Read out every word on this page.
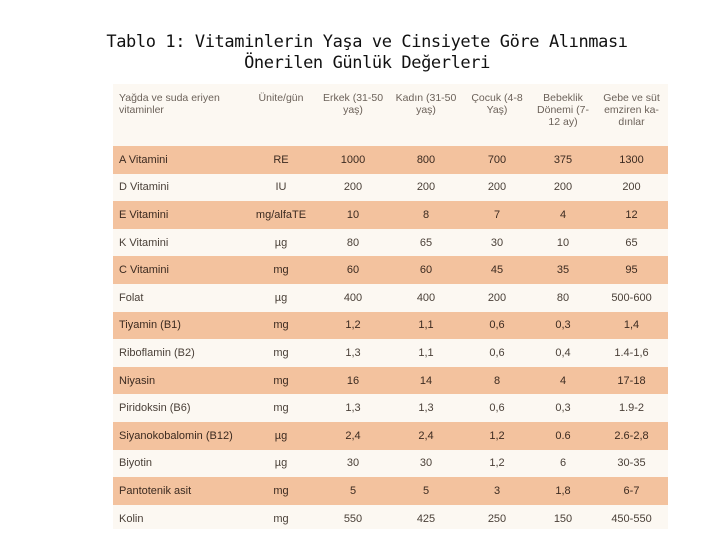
Tablo 1: Vitaminlerin Yaşa ve Cinsiyete Göre Alınması
Önerilen Günlük Değerleri
Yağda ve suda eriyen vitaminler	Ünite/gün	Erkek (31-50 yaş)	Kadın (31-50 yaş)	Çocuk (4-8 Yaş)	Bebeklik Dönemi (7-12 ay)	Gebe ve süt emziren ka-dınlar
A Vitamini	RE	1000	800	700	375	1300
D Vitamini	IU	200	200	200	200	200
E Vitamini	mg/alfaTE	10	8	7	4	12
K Vitamini	µg	80	65	30	10	65
C Vitamini	mg	60	60	45	35	95
Folat	µg	400	400	200	80	500-600
Tiyamin (B1)	mg	1,2	1,1	0,6	0,3	1,4
Riboflamin (B2)	mg	1,3	1,1	0,6	0,4	1.4-1,6
Niyasin	mg	16	14	8	4	17-18
Piridoksin (B6)	mg	1,3	1,3	0,6	0,3	1.9-2
Siyanokobalomin (B12)	µg	2,4	2,4	1,2	0.6	2.6-2,8
Biyotin	µg	30	30	1,2	6	30-35
Pantotenik asit	mg	5	5	3	1,8	6-7
Kolin	mg	550	425	250	150	450-550
